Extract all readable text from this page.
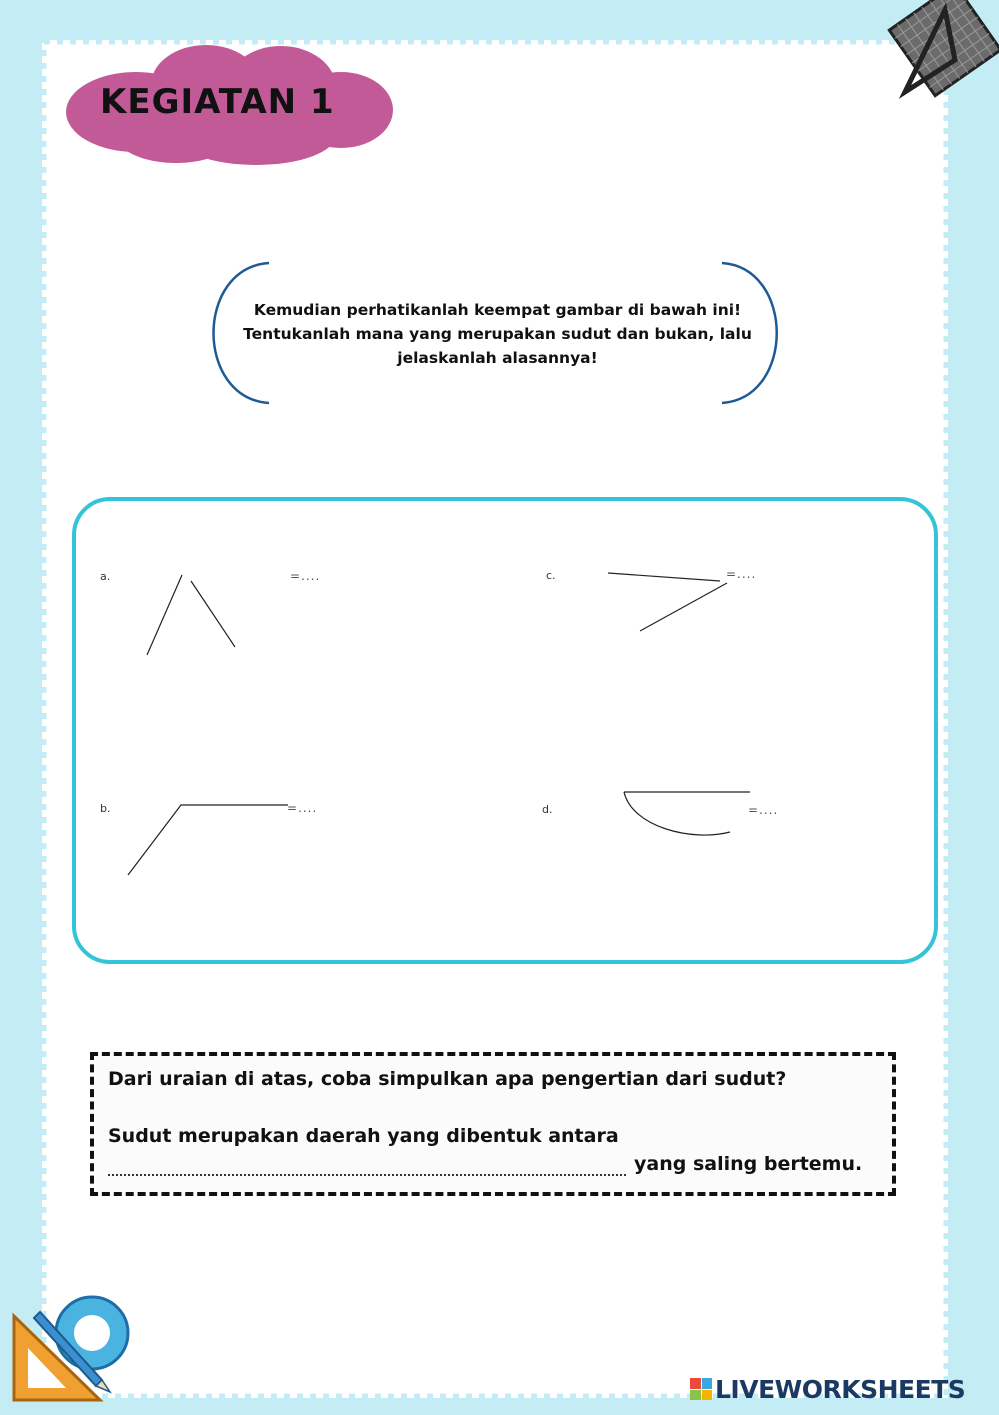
KEGIATAN 1
Kemudian perhatikanlah keempat gambar di bawah ini!
Tentukanlah mana yang merupakan sudut dan bukan, lalu
jelaskanlah alasannya!
a.	=....
b.	=....
c.	=....
d.	=....
Dari uraian di atas, coba simpulkan apa pengertian dari sudut?
Sudut merupakan daerah yang dibentuk antara
yang saling bertemu.
LIVEWORKSHEETS
